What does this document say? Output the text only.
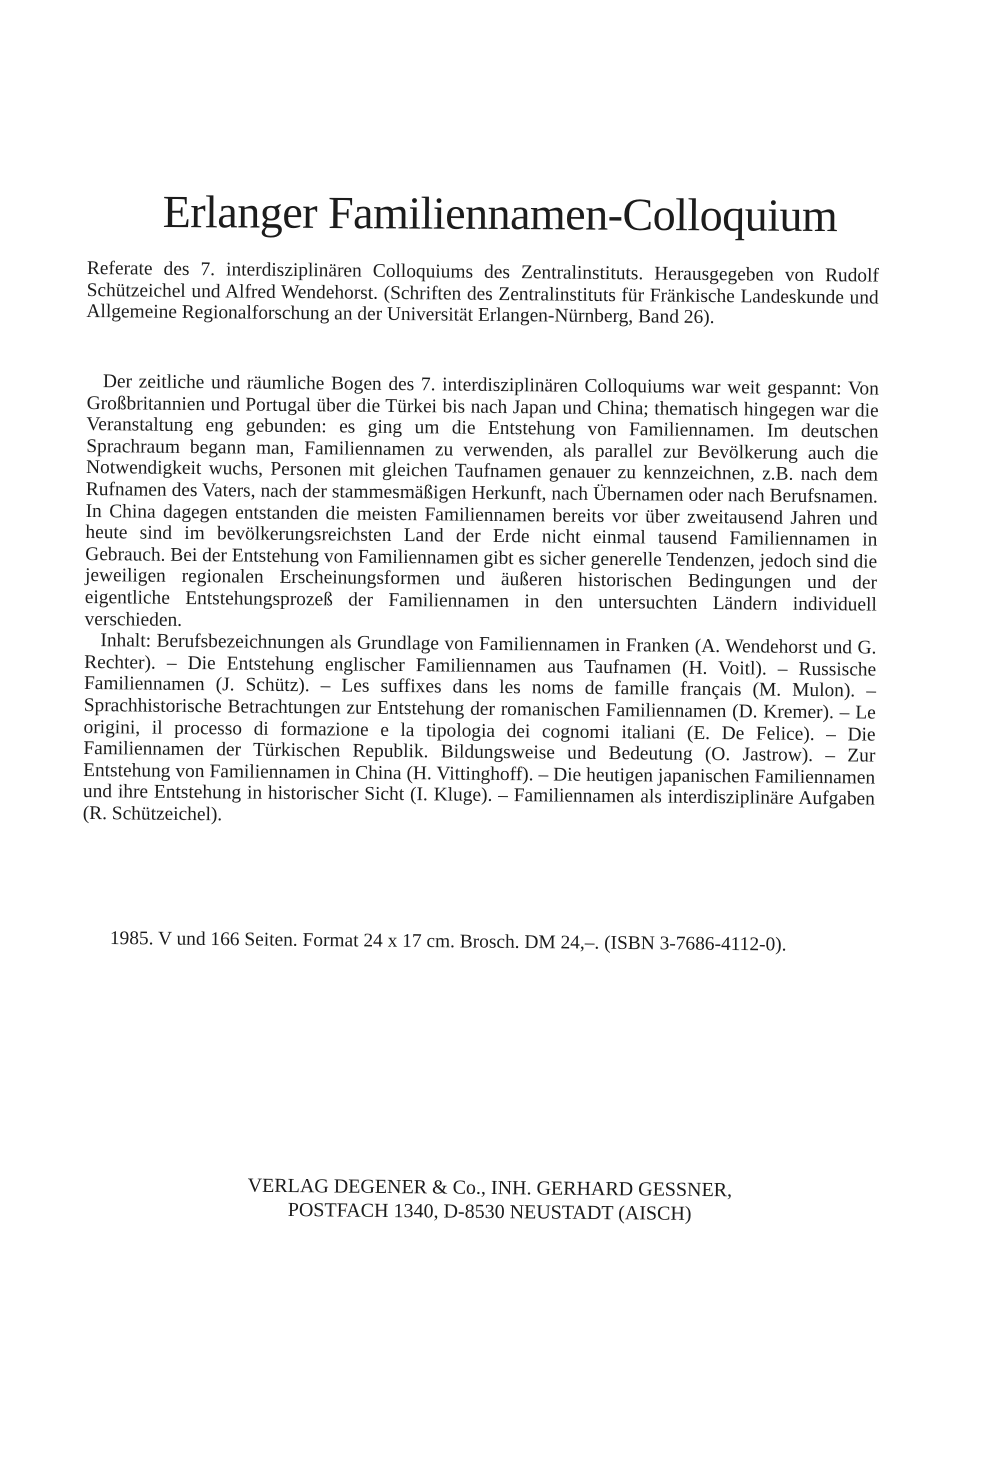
Erlanger Familiennamen-Colloquium

Referate des 7. interdisziplinären Colloquiums des Zentralinstituts. Herausgegeben von Rudolf Schützeichel und Alfred Wendehorst. (Schriften des Zentralinstituts für Fränkische Landeskunde und Allgemeine Regionalforschung an der Universität Erlangen-Nürnberg, Band 26).

Der zeitliche und räumliche Bogen des 7. interdisziplinären Colloquiums war weit gespannt: Von Großbritannien und Portugal über die Türkei bis nach Japan und China; thematisch hingegen war die Veranstaltung eng gebunden: es ging um die Entstehung von Familiennamen. Im deutschen Sprachraum begann man, Familiennamen zu verwenden, als parallel zur Bevölkerung auch die Notwendigkeit wuchs, Personen mit gleichen Taufnamen genauer zu kennzeichnen, z.B. nach dem Rufnamen des Vaters, nach der stammesmäßigen Herkunft, nach Übernamen oder nach Berufsnamen. In China dagegen entstanden die meisten Familiennamen bereits vor über zweitausend Jahren und heute sind im bevölkerungsreichsten Land der Erde nicht einmal tausend Familiennamen in Gebrauch. Bei der Entstehung von Familiennamen gibt es sicher generelle Tendenzen, jedoch sind die jeweiligen regionalen Erscheinungsformen und äußeren historischen Bedingungen und der eigentliche Entstehungsprozeß der Familiennamen in den untersuchten Ländern individuell verschieden.

Inhalt: Berufsbezeichnungen als Grundlage von Familiennamen in Franken (A. Wendehorst und G. Rechter). – Die Entstehung englischer Familiennamen aus Taufnamen (H. Voitl). – Russische Familiennamen (J. Schütz). – Les suffixes dans les noms de famille français (M. Mulon). – Sprachhistorische Betrachtungen zur Entstehung der romanischen Familiennamen (D. Kremer). – Le origini, il processo di formazione e la tipologia dei cognomi italiani (E. De Felice). – Die Familiennamen der Türkischen Republik. Bildungsweise und Bedeutung (O. Jastrow). – Zur Entstehung von Familiennamen in China (H. Vittinghoff). – Die heutigen japanischen Familiennamen und ihre Entstehung in historischer Sicht (I. Kluge). – Familiennamen als interdisziplinäre Aufgaben (R. Schützeichel).

1985. V und 166 Seiten. Format 24 x 17 cm. Brosch. DM 24,–. (ISBN 3-7686-4112-0).

VERLAG DEGENER & Co., INH. GERHARD GESSNER,
POSTFACH 1340, D-8530 NEUSTADT (AISCH)
